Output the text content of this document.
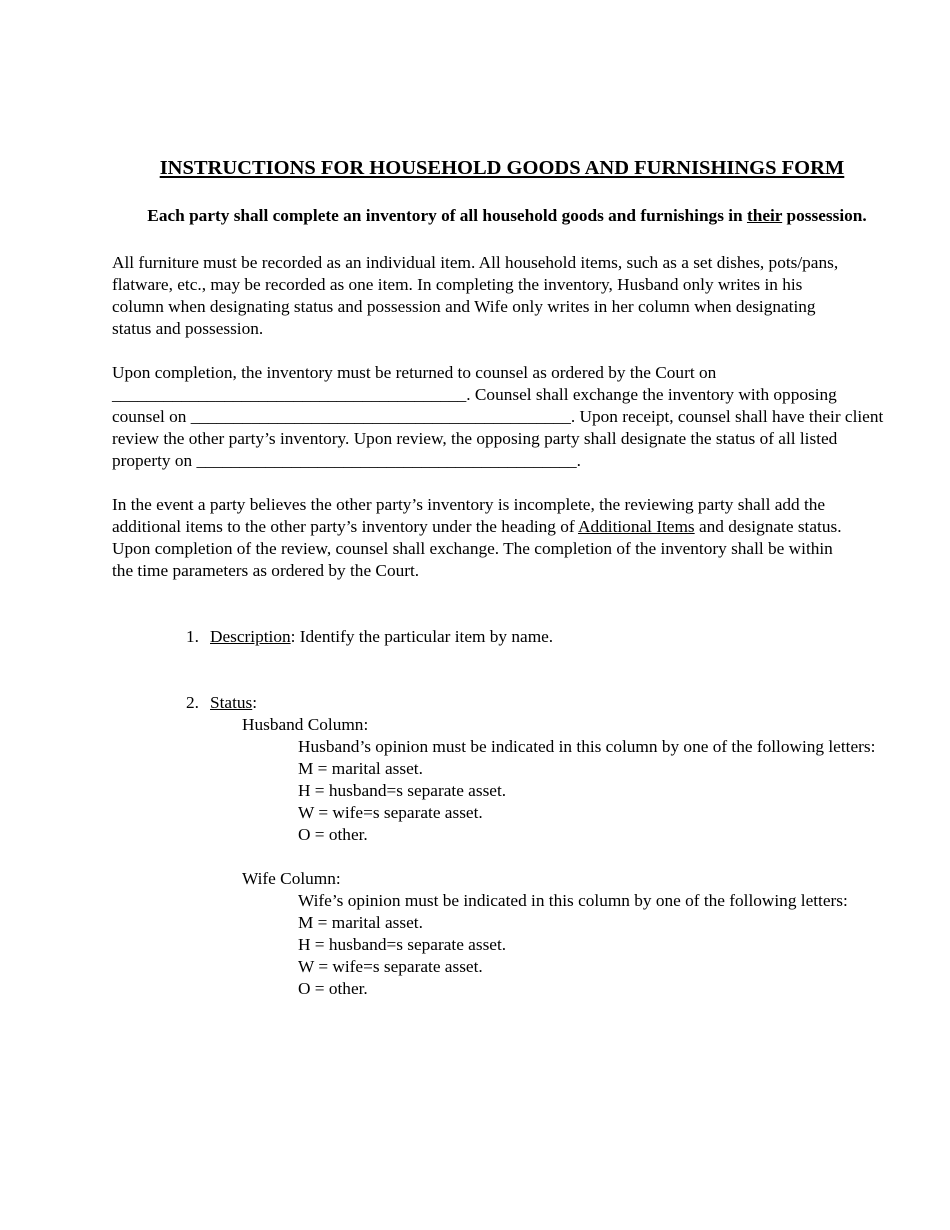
INSTRUCTIONS FOR HOUSEHOLD GOODS AND FURNISHINGS FORM
Each party shall complete an inventory of all household goods and furnishings in their possession.
All furniture must be recorded as an individual item. All household items, such as a set dishes, pots/pans,
flatware, etc., may be recorded as one item. In completing the inventory, Husband only writes in his
column when designating status and possession and Wife only writes in her column when designating
status and possession.
Upon completion, the inventory must be returned to counsel as ordered by the Court on
_________________________________________. Counsel shall exchange the inventory with opposing
counsel on ____________________________________________. Upon receipt, counsel shall have their client
review the other party’s inventory. Upon review, the opposing party shall designate the status of all listed
property on ____________________________________________.
In the event a party believes the other party’s inventory is incomplete, the reviewing party shall add the
additional items to the other party’s inventory under the heading of Additional Items and designate status.
Upon completion of the review, counsel shall exchange. The completion of the inventory shall be within
the time parameters as ordered by the Court.
1. Description: Identify the particular item by name.
2. Status:
Husband Column:
Husband’s opinion must be indicated in this column by one of the following letters:
M = marital asset.
H = husband=s separate asset.
W = wife=s separate asset.
O = other.
Wife Column:
Wife’s opinion must be indicated in this column by one of the following letters:
M = marital asset.
H = husband=s separate asset.
W = wife=s separate asset.
O = other.
